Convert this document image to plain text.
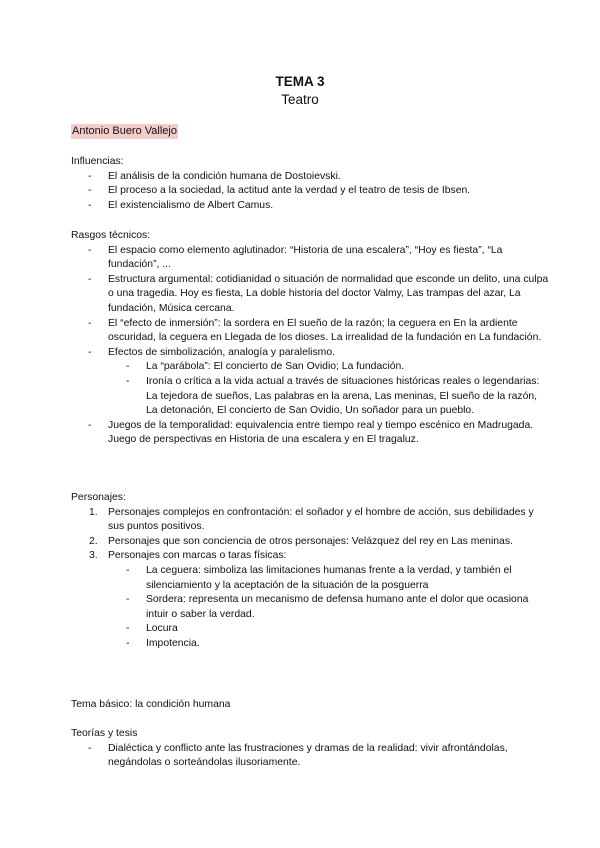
TEMA 3
Teatro
Antonio Buero Vallejo

Influencias:

- El análisis de la condición humana de Dostoievski.
- El proceso a la sociedad, la actitud ante la verdad y el teatro de tesis de Ibsen.
- El existencialismo de Albert Camus.

Rasgos técnicos:

- El espacio como elemento aglutinador: “Historia de una escalera”, “Hoy es fiesta”, “La fundación”, ...
- Estructura argumental: cotidianidad o situación de normalidad que esconde un delito, una culpa o una tragedia. Hoy es fiesta, La doble historia del doctor Valmy, Las trampas del azar, La fundación, Música cercana.
- El “efecto de inmersión”: la sordera en El sueño de la razón; la ceguera en En la ardiente oscuridad, la ceguera en Llegada de los dioses. La irrealidad de la fundación en La fundación.
- Efectos de simbolización, analogía y paralelismo.
- La “parábola”: El concierto de San Ovidio; La fundación.
- Ironía o crítica a la vida actual a través de situaciones históricas reales o legendarias: La tejedora de sueños, Las palabras en la arena, Las meninas, El sueño de la razón, La detonación, El concierto de San Ovidio, Un soñador para un pueblo.
- Juegos de la temporalidad: equivalencia entre tiempo real y tiempo escénico en Madrugada. Juego de perspectivas en Historia de una escalera y en El tragaluz.

Personajes:

1. Personajes complejos en confrontación: el soñador y el hombre de acción, sus debilidades y sus puntos positivos.
2. Personajes que son conciencia de otros personajes: Velázquez del rey en Las meninas.
3. Personajes con marcas o taras físicas:
- La ceguera: simboliza las limitaciones humanas frente a la verdad, y también el silenciamiento y la aceptación de la situación de la posguerra
- Sordera: representa un mecanismo de defensa humano ante el dolor que ocasiona intuir o saber la verdad.
- Locura
- Impotencia.

Tema básico: la condición humana

Teorías y tesis

- Dialéctica y conflicto ante las frustraciones y dramas de la realidad: vivir afrontándolas, negándolas o sorteándolas ilusoriamente.
